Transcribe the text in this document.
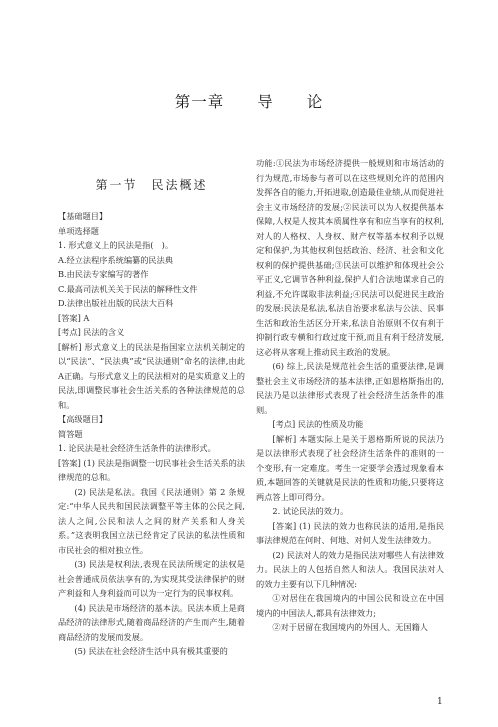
第一章　　导　　论
第一节　民法概述

【基础题目】

单项选择题

1. 形式意义上的民法是指(　)。

A.经立法程序系统编纂的民法典

B.由民法专家编写的著作

C.最高司法机关关于民法的解释性文件

D.法律出版社出版的民法大百科

[答案] A

[考点] 民法的含义

[解析] 形式意义上的民法是指国家立法机关制定的以“民法”、“民法典”或“民法通则”命名的法律,由此 A正确。与形式意义上的民法相对的是实质意义上的民法,即调整民事社会生活关系的各种法律规范的总和。

【高级题目】

简答题

1. 论民法是社会经济生活条件的法律形式。

[答案] (1) 民法是指调整一切民事社会生活关系的法律规范的总和。

(2) 民法是私法。我国《民法通则》第 2 条规定:“中华人民共和国民法调整平等主体的公民之间,法人之间,公民和法人之间的财产关系和人身关系。”这表明我国立法已经肯定了民法的私法性质和市民社会的相对独立性。

(3) 民法是权利法,表现在民法所规定的法权是社会普通成员依法享有的,为实现其受法律保护的财产利益和人身利益而可以为一定行为的民事权利。

(4) 民法是市场经济的基本法。民法本质上是商品经济的法律形式,随着商品经济的产生而产生,随着商品经济的发展而发展。

(5) 民法在社会经济生活中具有极其重要的

功能:①民法为市场经济提供一般规则和市场活动的行为规范,市场参与者可以在这些规则允许的范围内发挥各自的能力,开拓进取,创造最佳业绩,从而促进社会主义市场经济的发展;②民法可以为人权提供基本保障,人权是人按其本质属性享有和应当享有的权利,对人的人格权、人身权、财产权等基本权利予以规定和保护,为其他权利包括政治、经济、社会和文化权利的保护提供基础;③民法可以维护和体现社会公平正义,它调节各种利益,保护人们合法地谋求自己的利益,不允许谋取非法利益;④民法可以促进民主政治的发展:民法是私法,私法自治要求私法与公法、民事生活和政治生活区分开来,私法自治原则不仅有利于抑制行政专横和行政过度干预,而且有利于经济发展,这必将从客观上推动民主政治的发展。

(6) 综上,民法是规范社会生活的重要法律,是调整社会主义市场经济的基本法律,正如恩格斯指出的,民法乃是以法律形式表现了社会经济生活条件的准则。

[考点] 民法的性质及功能

[解析] 本题实际上是关于恩格斯所说的民法乃是以法律形式表现了社会经济生活条件的准则的一个变形,有一定难度。考生一定要学会透过现象看本质,本题回答的关键就是民法的性质和功能,只要将这两点答上即可得分。

2. 试论民法的效力。

[答案] (1) 民法的效力也称民法的适用,是指民事法律规范在何时、何地、对何人发生法律效力。

(2) 民法对人的效力是指民法对哪些人有法律效力。民法上的人包括自然人和法人。我国民法对人的效力主要有以下几种情况:

①对居住在我国境内的中国公民和设立在中国境内的中国法人,都具有法律效力;

②对于居留在我国境内的外国人、无国籍人

1
